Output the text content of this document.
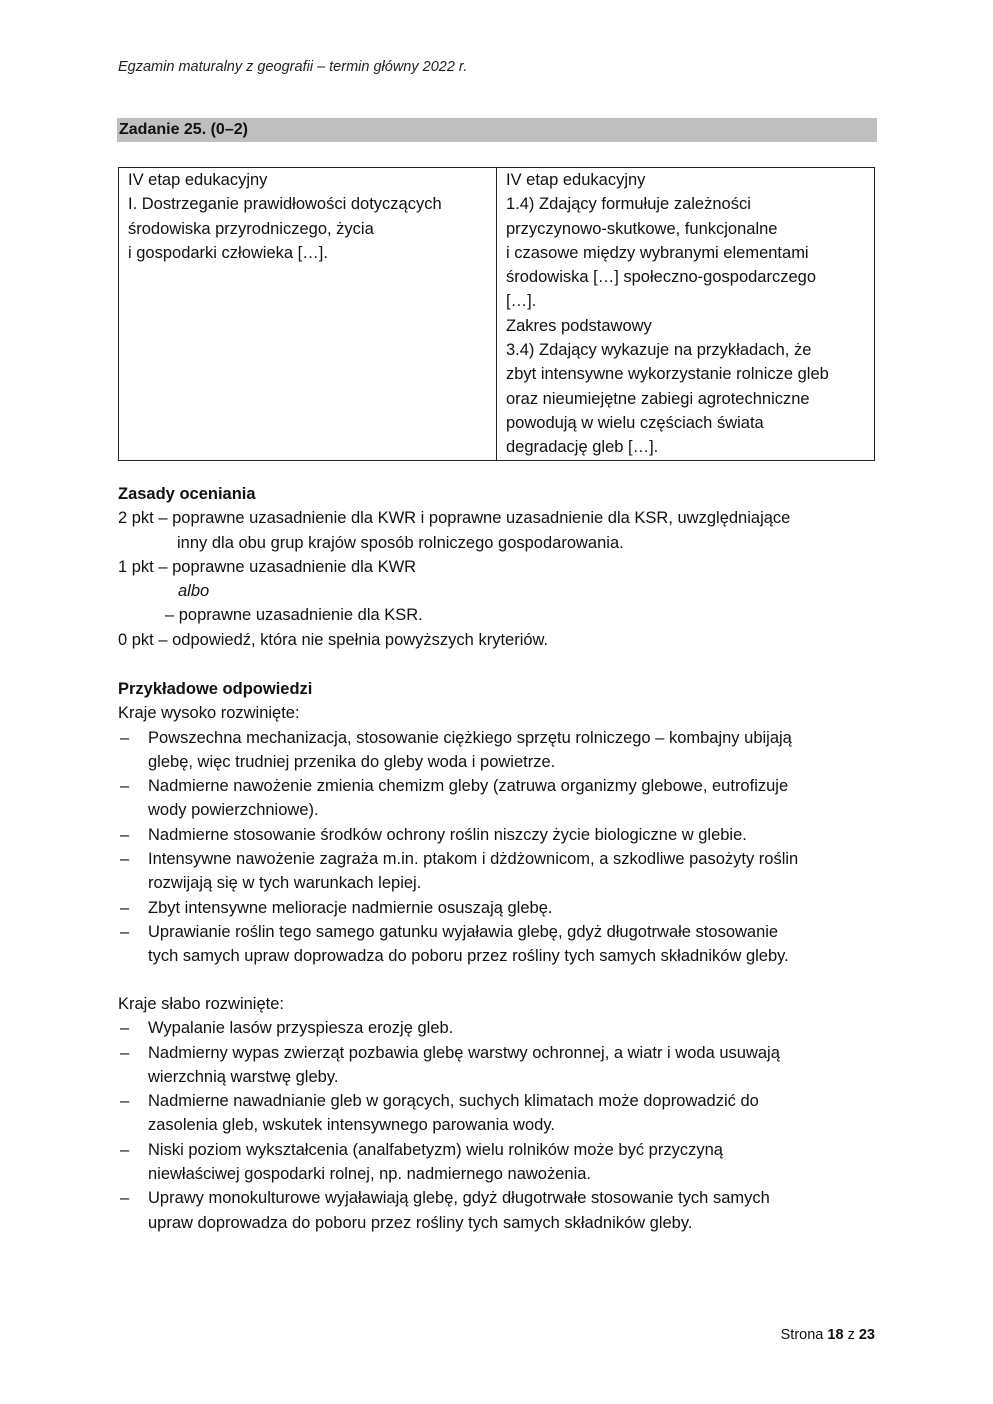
Egzamin maturalny z geografii – termin główny 2022 r.
Zadanie 25. (0–2)
IV etap edukacyjny
I. Dostrzeganie prawidłowości dotyczących
środowiska przyrodniczego, życia
i gospodarki człowieka […].

IV etap edukacyjny
1.4) Zdający formułuje zależności
przyczynowo-skutkowe, funkcjonalne
i czasowe między wybranymi elementami
środowiska […] społeczno-gospodarczego
[…].
Zakres podstawowy
3.4) Zdający wykazuje na przykładach, że
zbyt intensywne wykorzystanie rolnicze gleb
oraz nieumiejętne zabiegi agrotechniczne
powodują w wielu częściach świata
degradację gleb […].
Zasady oceniania
2 pkt – poprawne uzasadnienie dla KWR i poprawne uzasadnienie dla KSR, uwzględniające
inny dla obu grup krajów sposób rolniczego gospodarowania.
1 pkt – poprawne uzasadnienie dla KWR
albo
– poprawne uzasadnienie dla KSR.
0 pkt – odpowiedź, która nie spełnia powyższych kryteriów.
Przykładowe odpowiedzi
Kraje wysoko rozwinięte:
– Powszechna mechanizacja, stosowanie ciężkiego sprzętu rolniczego – kombajny ubijają
glebę, więc trudniej przenika do gleby woda i powietrze.
– Nadmierne nawożenie zmienia chemizm gleby (zatruwa organizmy glebowe, eutrofizuje
wody powierzchniowe).
– Nadmierne stosowanie środków ochrony roślin niszczy życie biologiczne w glebie.
– Intensywne nawożenie zagraża m.in. ptakom i dżdżownicom, a szkodliwe pasożyty roślin
rozwijają się w tych warunkach lepiej.
– Zbyt intensywne melioracje nadmiernie osuszają glebę.
– Uprawianie roślin tego samego gatunku wyjaławia glebę, gdyż długotrwałe stosowanie
tych samych upraw doprowadza do poboru przez rośliny tych samych składników gleby.
Kraje słabo rozwinięte:
– Wypalanie lasów przyspiesza erozję gleb.
– Nadmierny wypas zwierząt pozbawia glebę warstwy ochronnej, a wiatr i woda usuwają
wierzchnią warstwę gleby.
– Nadmierne nawadnianie gleb w gorących, suchych klimatach może doprowadzić do
zasolenia gleb, wskutek intensywnego parowania wody.
– Niski poziom wykształcenia (analfabetyzm) wielu rolników może być przyczyną
niewłaściwej gospodarki rolnej, np. nadmiernego nawożenia.
– Uprawy monokulturowe wyjaławiają glebę, gdyż długotrwałe stosowanie tych samych
upraw doprowadza do poboru przez rośliny tych samych składników gleby.
Strona 18 z 23
